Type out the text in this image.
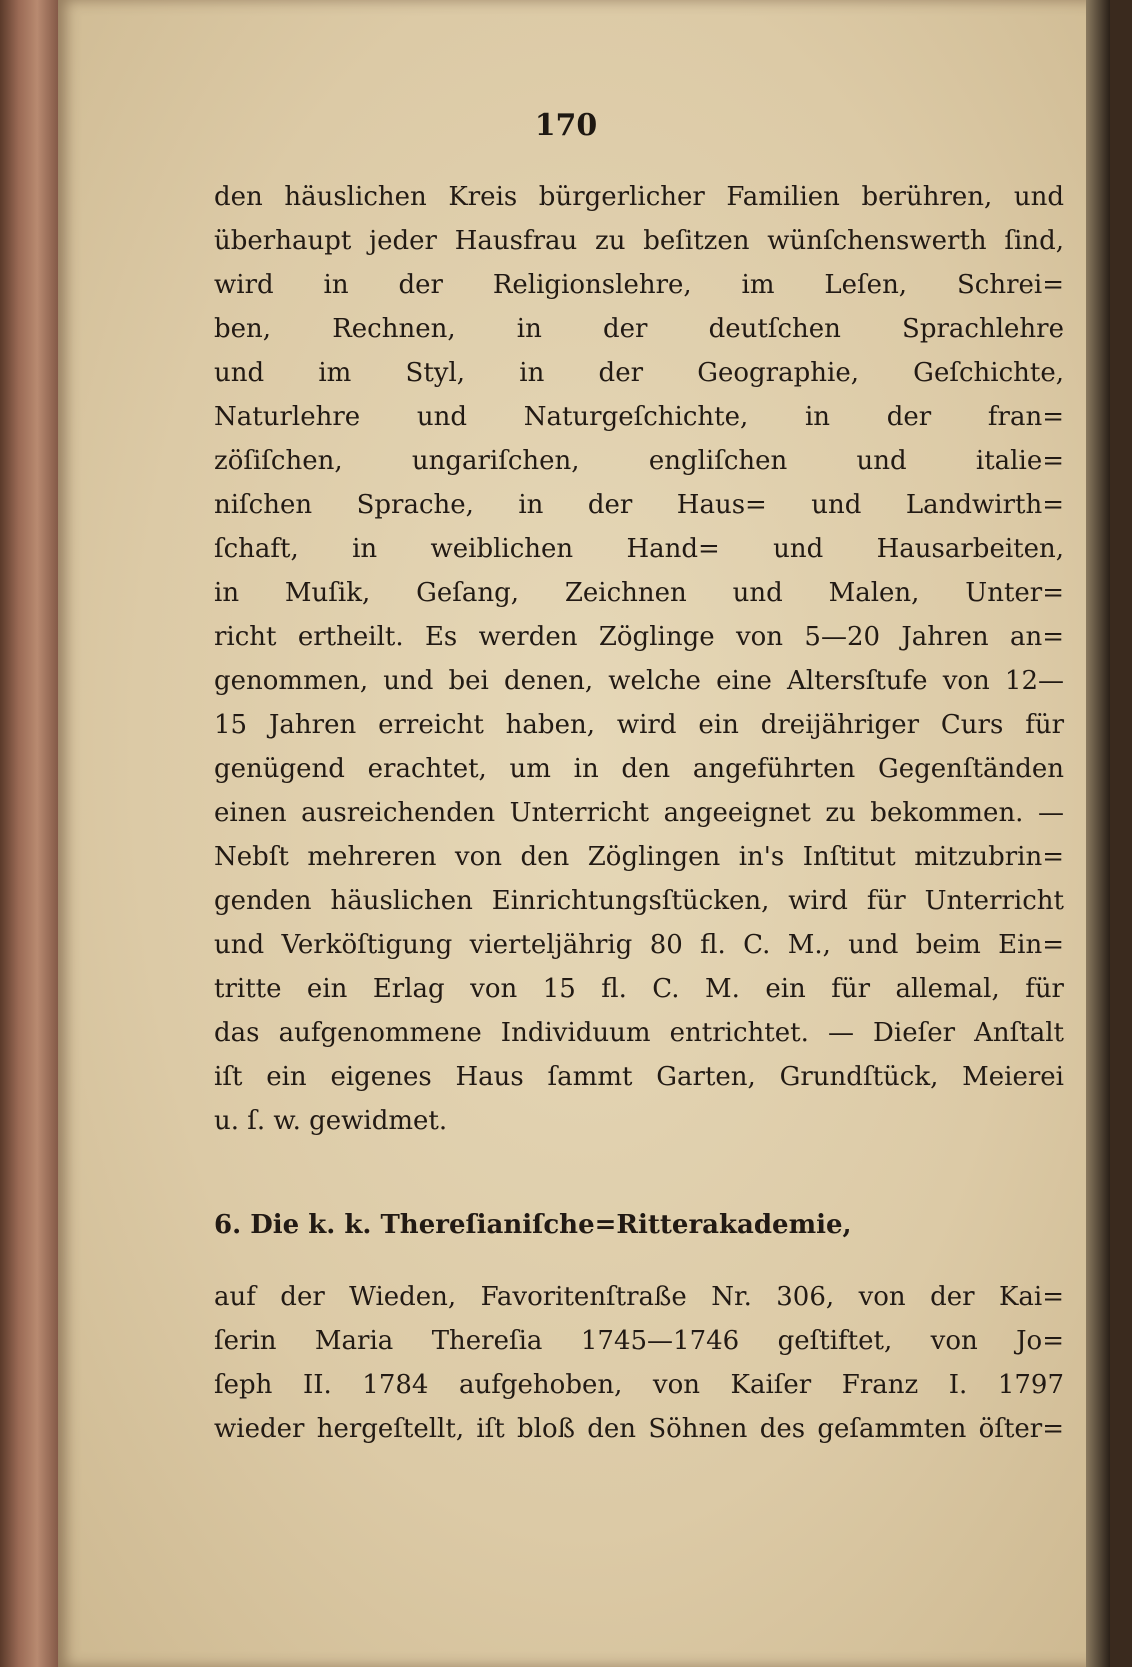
170
den häuslichen Kreis bürgerlicher Familien berühren, und
überhaupt jeder Hausfrau zu beſitzen wünſchenswerth ſind,
wird in der Religionslehre, im Leſen, Schrei=
ben, Rechnen, in der deutſchen Sprachlehre
und im Styl, in der Geographie, Geſchichte,
Naturlehre und Naturgeſchichte, in der fran=
zöſiſchen, ungariſchen, engliſchen und italie=
niſchen Sprache, in der Haus= und Landwirth=
ſchaft, in weiblichen Hand= und Hausarbeiten,
in Muſik, Geſang, Zeichnen und Malen, Unter=
richt ertheilt. Es werden Zöglinge von 5—20 Jahren an=
genommen, und bei denen, welche eine Altersſtufe von 12—
15 Jahren erreicht haben, wird ein dreijähriger Curs für
genügend erachtet, um in den angeführten Gegenſtänden
einen ausreichenden Unterricht angeeignet zu bekommen. —
Nebſt mehreren von den Zöglingen in's Inſtitut mitzubrin=
genden häuslichen Einrichtungsſtücken, wird für Unterricht
und Verköſtigung vierteljährig 80 fl. C. M., und beim Ein=
tritte ein Erlag von 15 fl. C. M. ein für allemal, für
das aufgenommene Individuum entrichtet. — Dieſer Anſtalt
iſt ein eigenes Haus ſammt Garten, Grundſtück, Meierei
u. ſ. w. gewidmet.
6. Die k. k. Thereſianiſche=Ritterakademie,
auf der Wieden, Favoritenſtraße Nr. 306, von der Kai=
ſerin Maria Thereſia 1745—1746 geſtiftet, von Jo=
ſeph II. 1784 aufgehoben, von Kaiſer Franz I. 1797
wieder hergeſtellt, iſt bloß den Söhnen des geſammten öſter=
